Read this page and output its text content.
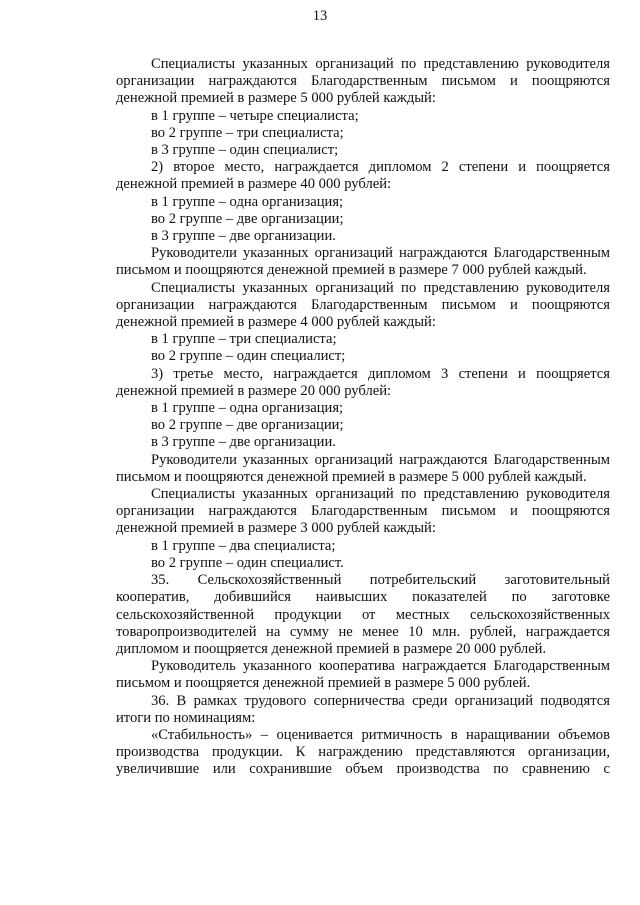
13

Специалисты указанных организаций по представлению руководителя организации награждаются Благодарственным письмом и поощряются денежной премией в размере 5 000 рублей каждый:

в 1 группе – четыре специалиста;

во 2 группе – три специалиста;

в 3 группе – один специалист;

2) второе место, награждается дипломом 2 степени и поощряется денежной премией в размере 40 000 рублей:

в 1 группе – одна организация;

во 2 группе – две организации;

в 3 группе – две организации.

Руководители указанных организаций награждаются Благодарственным письмом и поощряются денежной премией в размере 7 000 рублей каждый.

Специалисты указанных организаций по представлению руководителя организации награждаются Благодарственным письмом и поощряются денежной премией в размере 4 000 рублей каждый:

в 1 группе – три специалиста;

во 2 группе – один специалист;

3) третье место, награждается дипломом 3 степени и поощряется денежной премией в размере 20 000 рублей:

в 1 группе – одна организация;

во 2 группе – две организации;

в 3 группе – две организации.

Руководители указанных организаций награждаются Благодарственным письмом и поощряются денежной премией в размере 5 000 рублей каждый.

Специалисты указанных организаций по представлению руководителя организации награждаются Благодарственным письмом и поощряются денежной премией в размере 3 000 рублей каждый:

в 1 группе – два специалиста;

во 2 группе – один специалист.

35. Сельскохозяйственный потребительский заготовительный кооператив, добившийся наивысших показателей по заготовке сельскохозяйственной продукции от местных сельскохозяйственных товаропроизводителей на сумму не менее 10 млн. рублей, награждается дипломом и поощряется денежной премией в размере 20 000 рублей.

Руководитель указанного кооператива награждается Благодарственным письмом и поощряется денежной премией в размере 5 000 рублей.

36. В рамках трудового соперничества среди организаций подводятся итоги по номинациям:

«Стабильность» – оценивается ритмичность в наращивании объемов производства продукции. К награждению представляются организации, увеличившие или сохранившие объем производства по сравнению с
